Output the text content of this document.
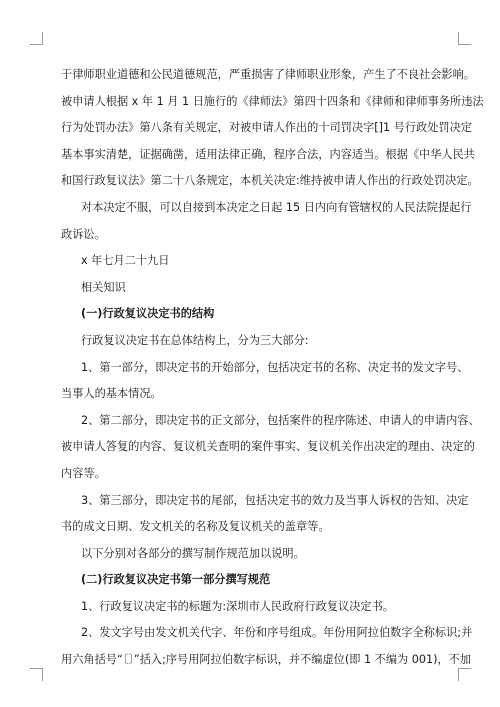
于律师职业道德和公民道德规范，严重损害了律师职业形象，产生了不良社会影响。
被申请人根据 x 年 1 月 1 日施行的《律师法》第四十四条和《律师和律师事务所违法
行为处罚办法》第八条有关规定，对被申请人作出的十司罚决字[]1 号行政处罚决定
基本事实清楚，证据确凿，适用法律正确，程序合法，内容适当。根据《中华人民共
和国行政复议法》第二十八条规定，本机关决定:维持被申请人作出的行政处罚决定。
对本决定不服，可以自接到本决定之日起 15 日内向有管辖权的人民法院提起行
政诉讼。
x 年七月二十九日
相关知识
(一)行政复议决定书的结构
行政复议决定书在总体结构上，分为三大部分:
1、第一部分，即决定书的开始部分，包括决定书的名称、决定书的发文字号、
当事人的基本情况。
2、第二部分，即决定书的正文部分，包括案件的程序陈述、申请人的申请内容、
被申请人答复的内容、复议机关查明的案件事实、复议机关作出决定的理由、决定的
内容等。
3、第三部分，即决定书的尾部，包括决定书的效力及当事人诉权的告知、决定
书的成文日期、发文机关的名称及复议机关的盖章等。
以下分别对各部分的撰写制作规范加以说明。
(二)行政复议决定书第一部分撰写规范
1、行政复议决定书的标题为:深圳市人民政府行政复议决定书。
2、发文字号由发文机关代字、年份和序号组成。年份用阿拉伯数字全称标识;并
用六角括号“〔〕”括入;序号用阿拉伯数字标识，并不编虚位(即 1 不编为 001)，不加
